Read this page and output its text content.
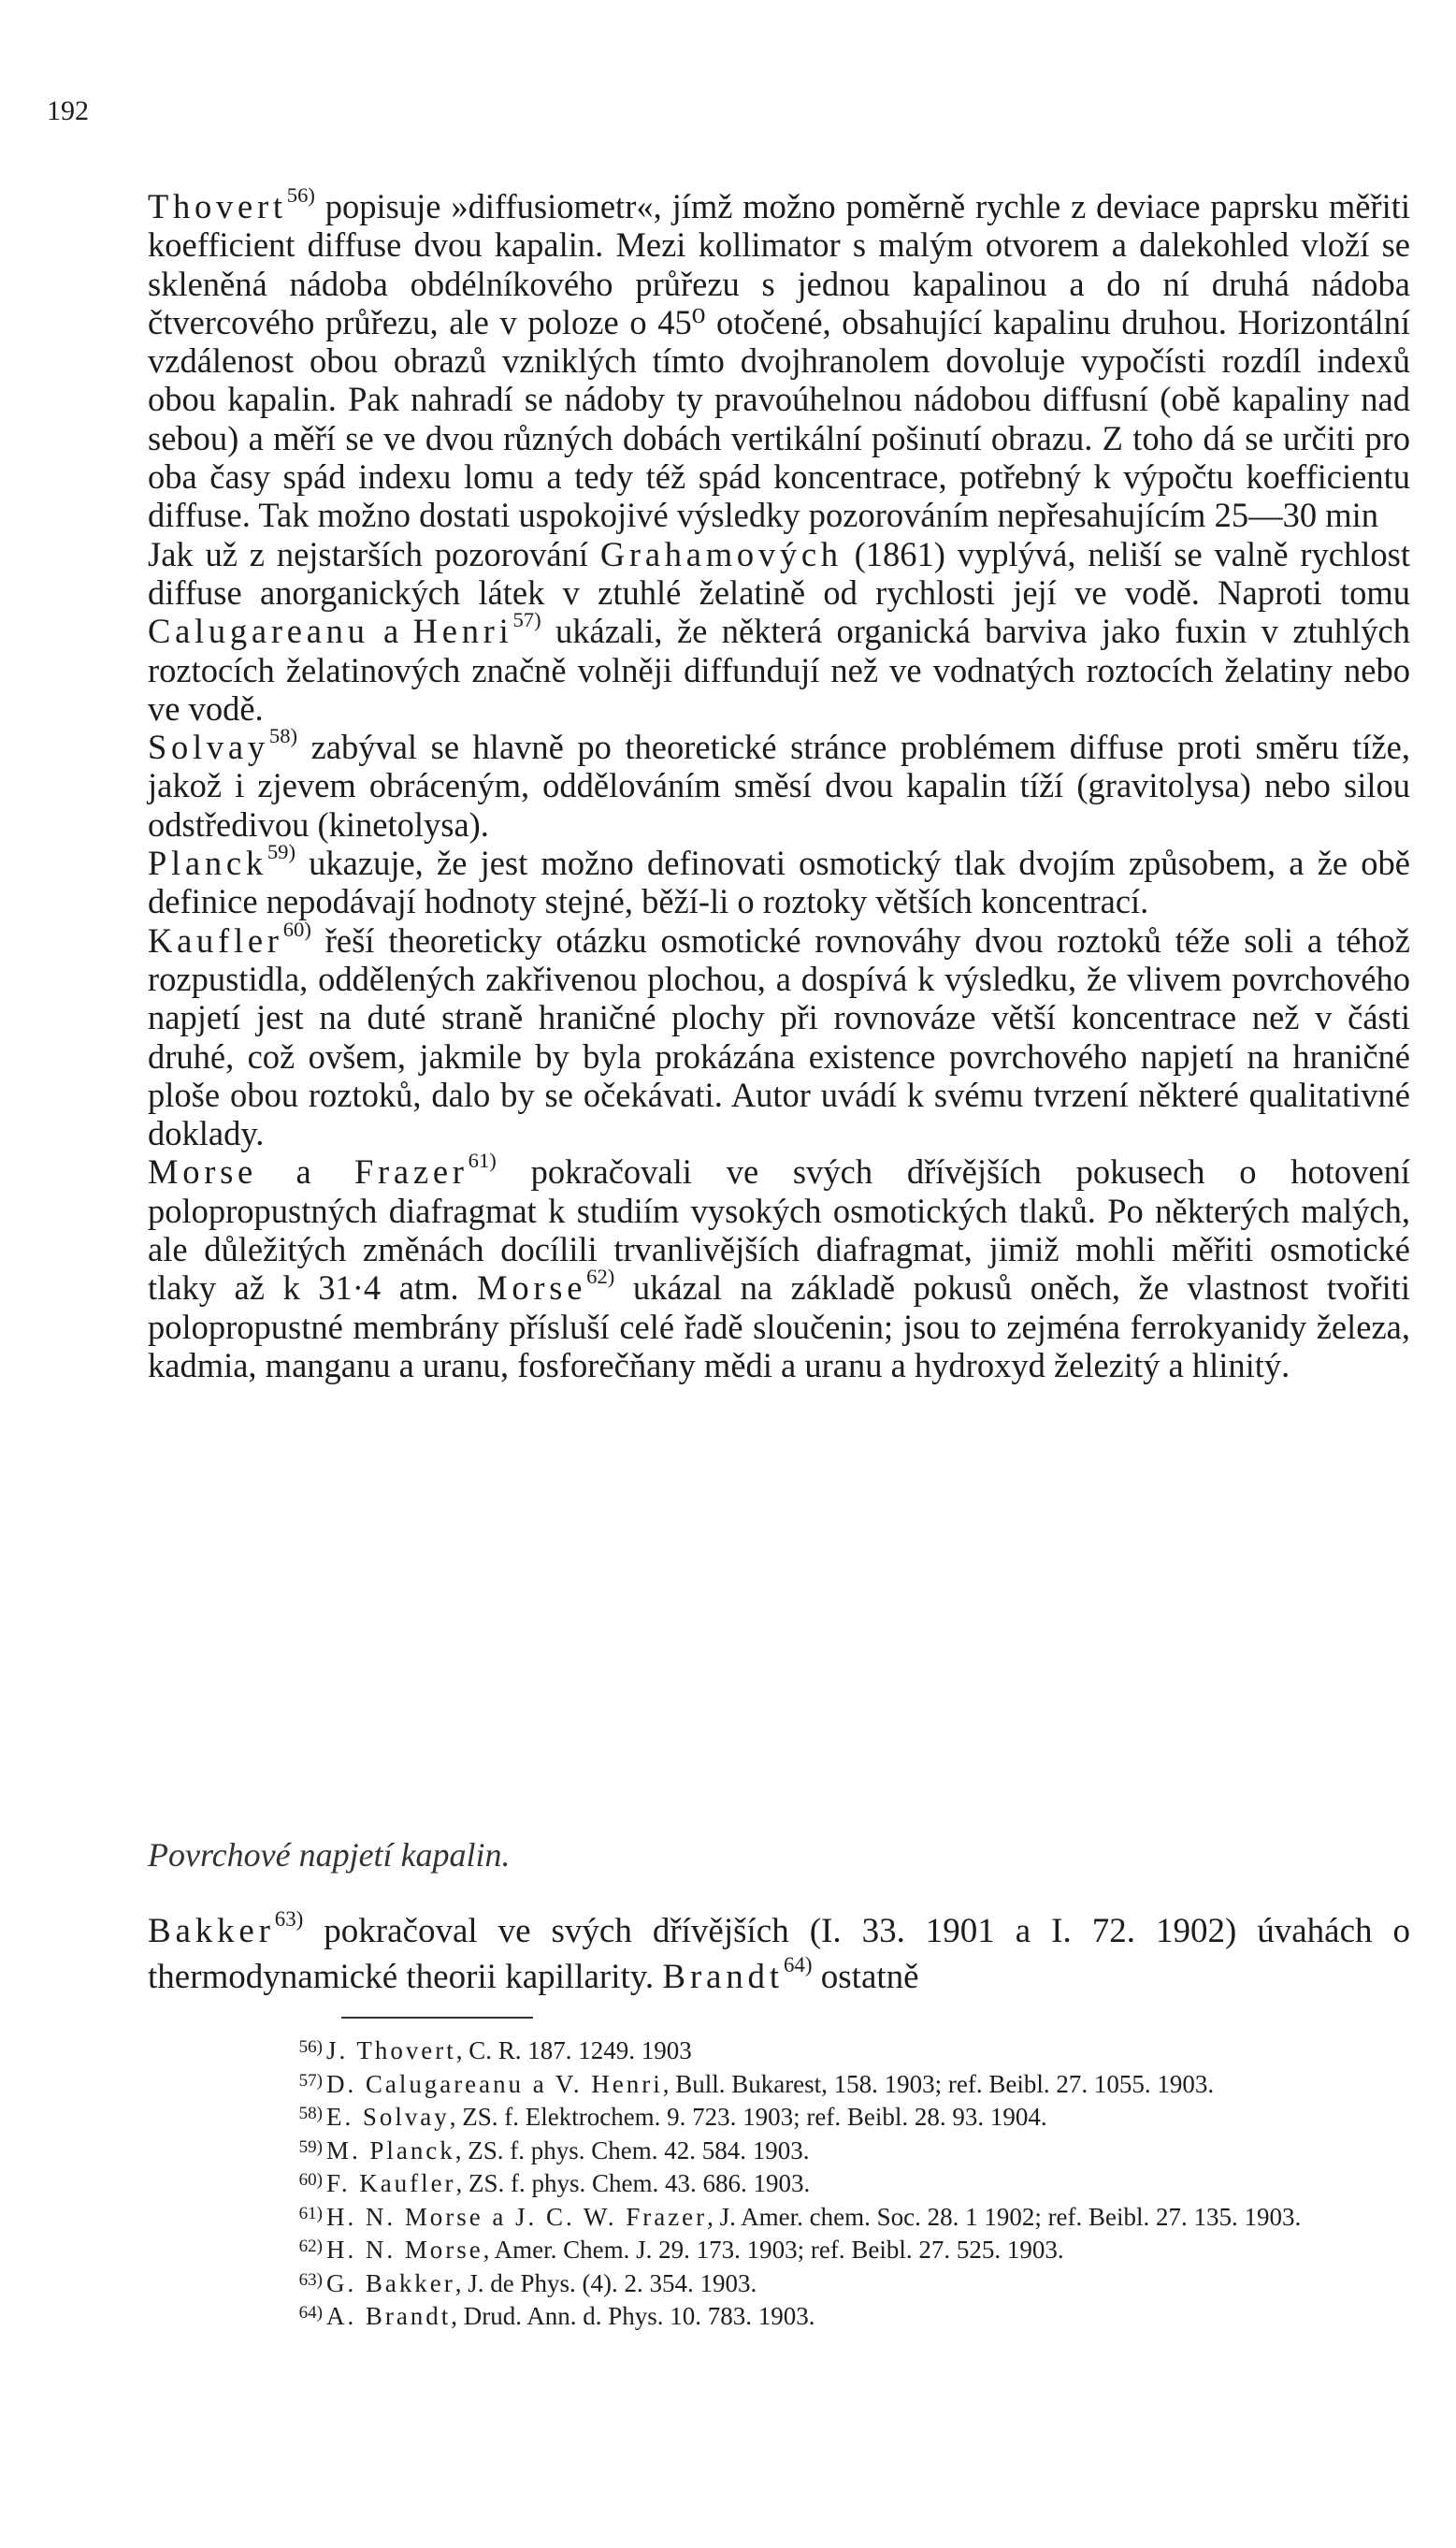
192

Thovert$^{56)}$ popisuje »diffusiometr«, jímž možno poměrně rychle z deviace paprsku měřiti koefficient diffuse dvou kapalin. Mezi kollimator s malým otvorem a dalekohled vloží se skleněná nádoba obdélníkového průřezu s jednou kapalinou a do ní druhá nádoba čtvercového průřezu, ale v poloze o 45⁰ otočené, obsahující kapalinu druhou. Horizontální vzdálenost obou obrazů vzniklých tímto dvojhranolem dovoluje vypočísti rozdíl indexů obou kapalin. Pak nahradí se nádoby ty pravoúhelnou nádobou diffusní (obě kapaliny nad sebou) a měří se ve dvou různých dobách vertikální pošinutí obrazu. Z toho dá se určiti pro oba časy spád indexu lomu a tedy též spád koncentrace, potřebný k výpočtu koefficientu diffuse. Tak možno dostati uspokojivé výsledky pozorováním nepřesahujícím 25—30 min

Jak už z nejstarších pozorování Grahamových (1861) vyplývá, neliší se valně rychlost diffuse anorganických látek v ztuhlé želatině od rychlosti její ve vodě. Naproti tomu Calugareanu a Henri$^{57)}$ ukázali, že některá organická barviva jako fuxin v ztuhlých roztocích želatinových značně volněji diffundují než ve vodnatých roztocích želatiny nebo ve vodě.

Solvay$^{58)}$ zabýval se hlavně po theoretické stránce problémem diffuse proti směru tíže, jakož i zjevem obráceným, oddělováním směsí dvou kapalin tíží (gravitolysa) nebo silou odstředivou (kinetolysa).

Planck$^{59)}$ ukazuje, že jest možno definovati osmotický tlak dvojím způsobem, a že obě definice nepodávají hodnoty stejné, běží-li o roztoky větších koncentrací.

Kaufler$^{60)}$ řeší theoreticky otázku osmotické rovnováhy dvou roztoků téže soli a téhož rozpustidla, oddělených zakřivenou plochou, a dospívá k výsledku, že vlivem povrchového napjetí jest na duté straně hraničné plochy při rovnováze větší koncentrace než v části druhé, což ovšem, jakmile by byla prokázána existence povrchového napjetí na hraničné ploše obou roztoků, dalo by se očekávati. Autor uvádí k svému tvrzení některé qualitativné doklady.

Morse a Frazer$^{61)}$ pokračovali ve svých dřívějších pokusech o hotovení polopropustných diafragmat k studiím vysokých osmotických tlaků. Po některých malých, ale důležitých změnách docílili trvanlivějších diafragmat, jimiž mohli měřiti osmotické tlaky až k 31·4 atm. Morse$^{62)}$ ukázal na základě pokusů oněch, že vlastnost tvořiti polopropustné membrány přísluší celé řadě sloučenin; jsou to zejména ferrokyanidy železa, kadmia, manganu a uranu, fosforečňany mědi a uranu a hydroxyd železitý a hlinitý.

Povrchové napjetí kapalin.

Bakker$^{63)}$ pokračoval ve svých dřívějších (I. 33. 1901 a I. 72. 1902) úvahách o thermodynamické theorii kapillarity. Brandt$^{64)}$ ostatně

56) J. Thovert, C. R. 187. 1249. 1903

57) D. Calugareanu a V. Henri, Bull. Bukarest, 158. 1903; ref. Beibl. 27. 1055. 1903.

58) E. Solvay, ZS. f. Elektrochem. 9. 723. 1903; ref. Beibl. 28. 93. 1904.

59) M. Planck, ZS. f. phys. Chem. 42. 584. 1903.

60) F. Kaufler, ZS. f. phys. Chem. 43. 686. 1903.

61) H. N. Morse a J. C. W. Frazer, J. Amer. chem. Soc. 28. 1 1902; ref. Beibl. 27. 135. 1903.

62) H. N. Morse, Amer. Chem. J. 29. 173. 1903; ref. Beibl. 27. 525. 1903.

63) G. Bakker, J. de Phys. (4). 2. 354. 1903.

64) A. Brandt, Drud. Ann. d. Phys. 10. 783. 1903.
